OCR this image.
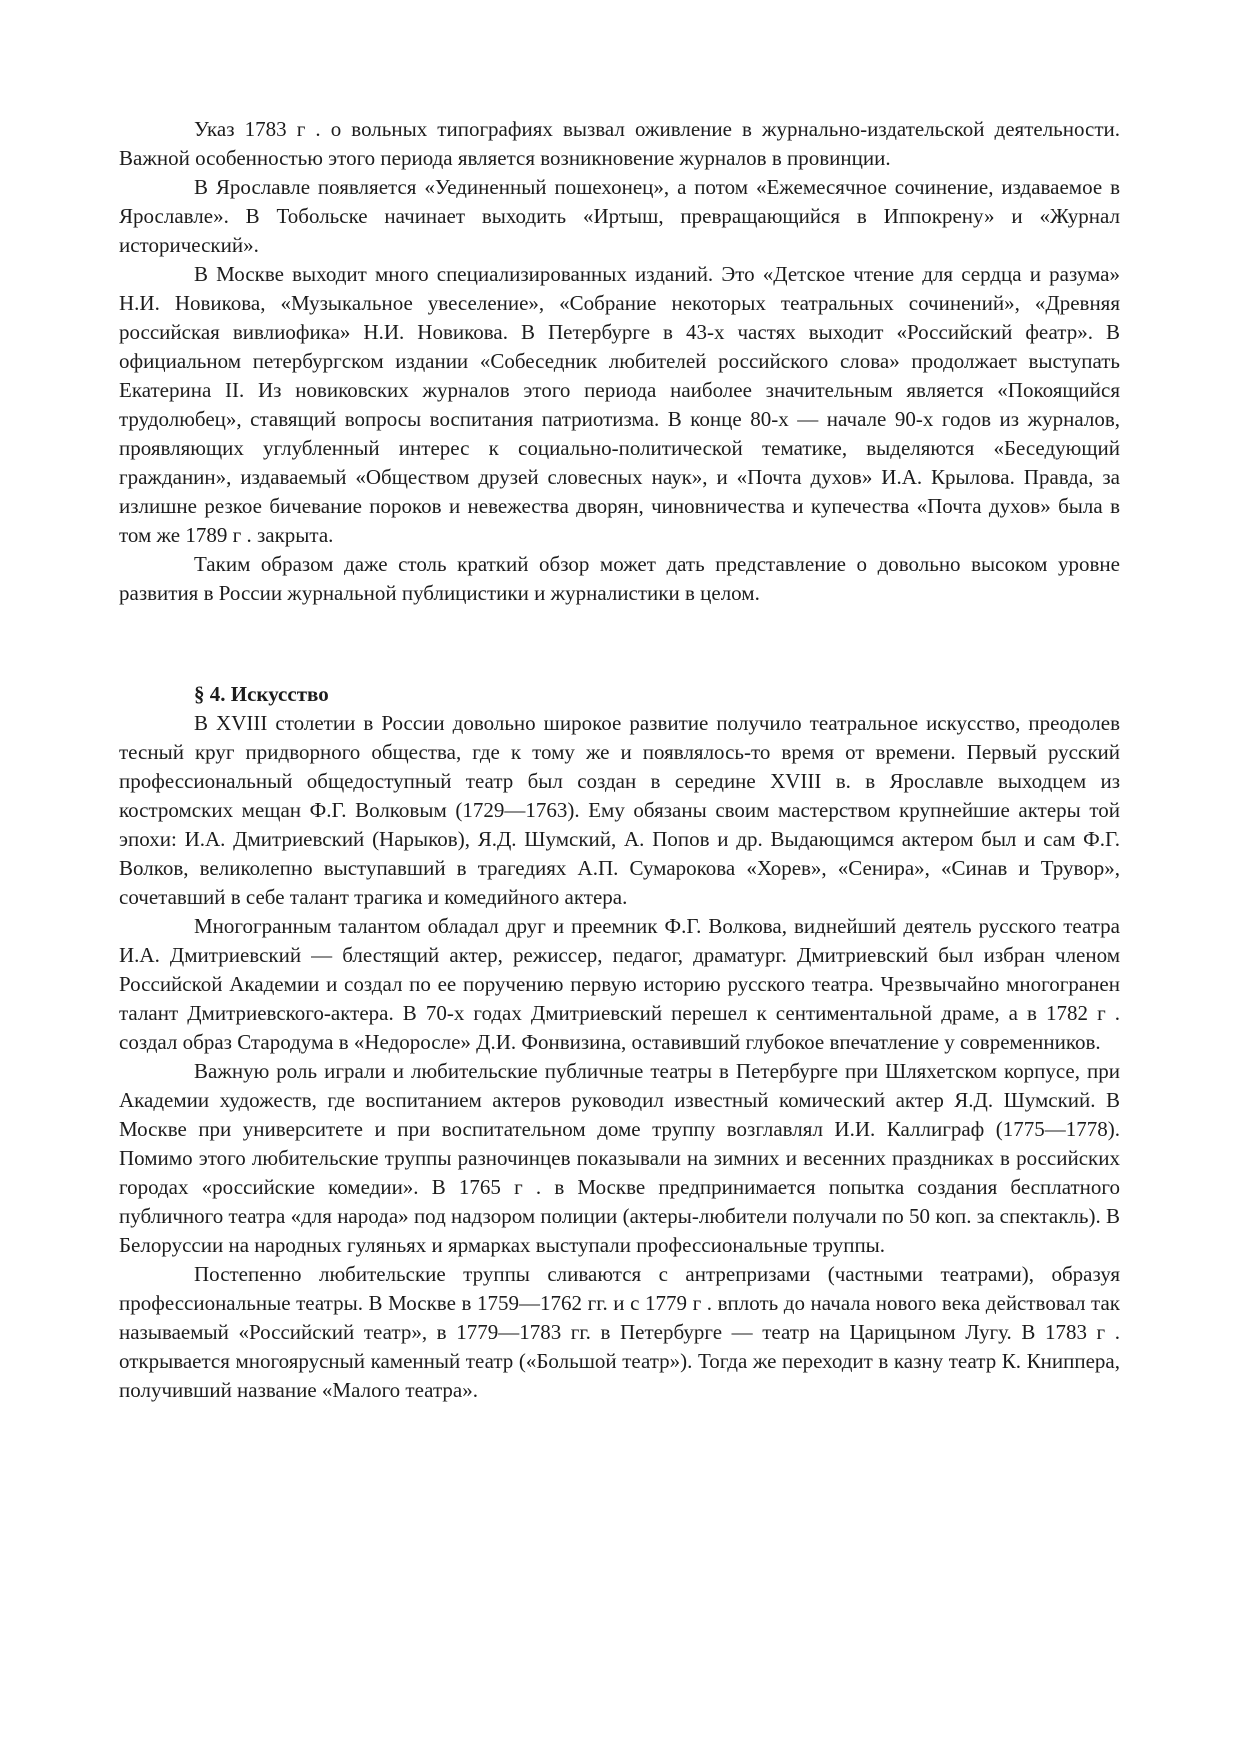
Указ 1783 г . о вольных типографиях вызвал оживление в журнально-издательской деятельности. Важной особенностью этого периода является возникновение журналов в провинции.

В Ярославле появляется «Уединенный пошехонец», а потом «Ежемесячное сочинение, издаваемое в Ярославле». В Тобольске начинает выходить «Иртыш, превращающийся в Иппокрену» и «Журнал исторический».

В Москве выходит много специализированных изданий. Это «Детское чтение для сердца и разума» Н.И. Новикова, «Музыкальное увеселение», «Собрание некоторых театральных сочинений», «Древняя российская вивлиофика» Н.И. Новикова. В Петербурге в 43-х частях выходит «Российский феатр». В официальном петербургском издании «Собеседник любителей российского слова» продолжает выступать Екатерина II. Из новиковских журналов этого периода наиболее значительным является «Покоящийся трудолюбец», ставящий вопросы воспитания патриотизма. В конце 80-х — начале 90-х годов из журналов, проявляющих углубленный интерес к социально-политической тематике, выделяются «Беседующий гражданин», издаваемый «Обществом друзей словесных наук», и «Почта духов» И.А. Крылова. Правда, за излишне резкое бичевание пороков и невежества дворян, чиновничества и купечества «Почта духов» была в том же 1789 г . закрыта.

Таким образом даже столь краткий обзор может дать представление о довольно высоком уровне развития в России журнальной публицистики и журналистики в целом.

§ 4. Искусство

В XVIII столетии в России довольно широкое развитие получило театральное искусство, преодолев тесный круг придворного общества, где к тому же и появлялось-то время от времени. Первый русский профессиональный общедоступный театр был создан в середине XVIII в. в Ярославле выходцем из костромских мещан Ф.Г. Волковым (1729—1763). Ему обязаны своим мастерством крупнейшие актеры той эпохи: И.А. Дмитриевский (Нарыков), Я.Д. Шумский, А. Попов и др. Выдающимся актером был и сам Ф.Г. Волков, великолепно выступавший в трагедиях А.П. Сумарокова «Хорев», «Сенира», «Синав и Трувор», сочетавший в себе талант трагика и комедийного актера.

Многогранным талантом обладал друг и преемник Ф.Г. Волкова, виднейший деятель русского театра И.А. Дмитриевский — блестящий актер, режиссер, педагог, драматург. Дмитриевский был избран членом Российской Академии и создал по ее поручению первую историю русского театра. Чрезвычайно многогранен талант Дмитриевского-актера. В 70-х годах Дмитриевский перешел к сентиментальной драме, а в 1782 г . создал образ Стародума в «Недоросле» Д.И. Фонвизина, оставивший глубокое впечатление у современников.

Важную роль играли и любительские публичные театры в Петербурге при Шляхетском корпусе, при Академии художеств, где воспитанием актеров руководил известный комический актер Я.Д. Шумский. В Москве при университете и при воспитательном доме труппу возглавлял И.И. Каллиграф (1775—1778). Помимо этого любительские труппы разночинцев показывали на зимних и весенних праздниках в российских городах «российские комедии». В 1765 г . в Москве предпринимается попытка создания бесплатного публичного театра «для народа» под надзором полиции (актеры-любители получали по 50 коп. за спектакль). В Белоруссии на народных гуляньях и ярмарках выступали профессиональные труппы.

Постепенно любительские труппы сливаются с антрепризами (частными театрами), образуя профессиональные театры. В Москве в 1759—1762 гг. и с 1779 г . вплоть до начала нового века действовал так называемый «Российский театр», в 1779—1783 гг. в Петербурге — театр на Царицыном Лугу. В 1783 г . открывается многоярусный каменный театр («Большой театр»). Тогда же переходит в казну театр К. Книппера, получивший название «Малого театра».
